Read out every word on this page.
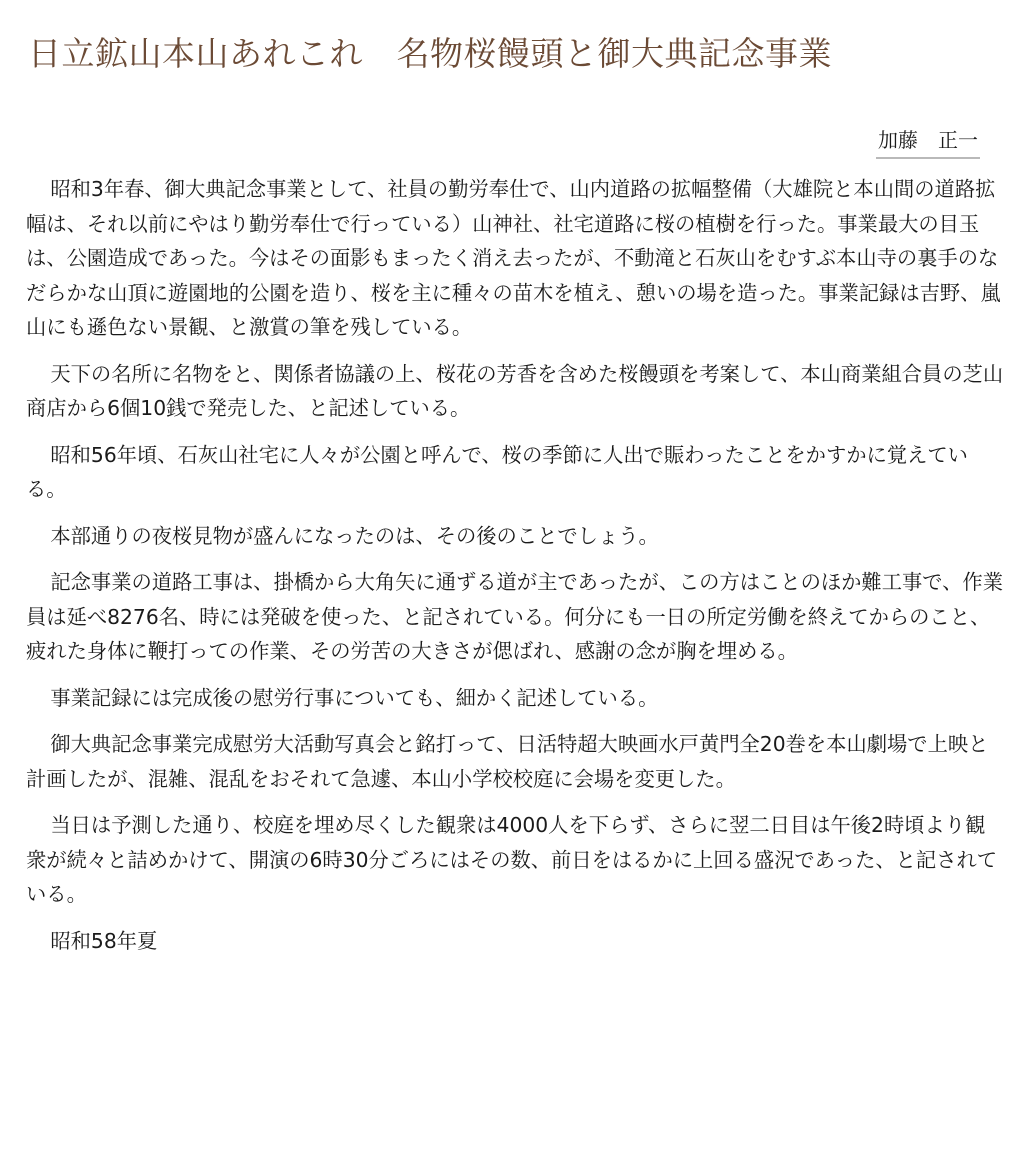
日立鉱山本山あれこれ　名物桜饅頭と御大典記念事業
加藤　正一

昭和3年春、御大典記念事業として、社員の勤労奉仕で、山内道路の拡幅整備（大雄院と本山間の道路拡幅は、それ以前にやはり勤労奉仕で行っている）山神社、社宅道路に桜の植樹を行った。事業最大の目玉は、公園造成であった。今はその面影もまったく消え去ったが、不動滝と石灰山をむすぶ本山寺の裏手のなだらかな山頂に遊園地的公園を造り、桜を主に種々の苗木を植え、憩いの場を造った。事業記録は吉野、嵐山にも遜色ない景観、と激賞の筆を残している。

天下の名所に名物をと、関係者協議の上、桜花の芳香を含めた桜饅頭を考案して、本山商業組合員の芝山商店から6個10銭で発売した、と記述している。

昭和56年頃、石灰山社宅に人々が公園と呼んで、桜の季節に人出で賑わったことをかすかに覚えている。

本部通りの夜桜見物が盛んになったのは、その後のことでしょう。

記念事業の道路工事は、掛橋から大角矢に通ずる道が主であったが、この方はことのほか難工事で、作業員は延べ8276名、時には発破を使った、と記されている。何分にも一日の所定労働を終えてからのこと、疲れた身体に鞭打っての作業、その労苦の大きさが偲ばれ、感謝の念が胸を埋める。

事業記録には完成後の慰労行事についても、細かく記述している。

御大典記念事業完成慰労大活動写真会と銘打って、日活特超大映画水戸黄門全20巻を本山劇場で上映と計画したが、混雑、混乱をおそれて急遽、本山小学校校庭に会場を変更した。

当日は予測した通り、校庭を埋め尽くした観衆は4000人を下らず、さらに翌二日目は午後2時頃より観衆が続々と詰めかけて、開演の6時30分ごろにはその数、前日をはるかに上回る盛況であった、と記されている。

昭和58年夏
